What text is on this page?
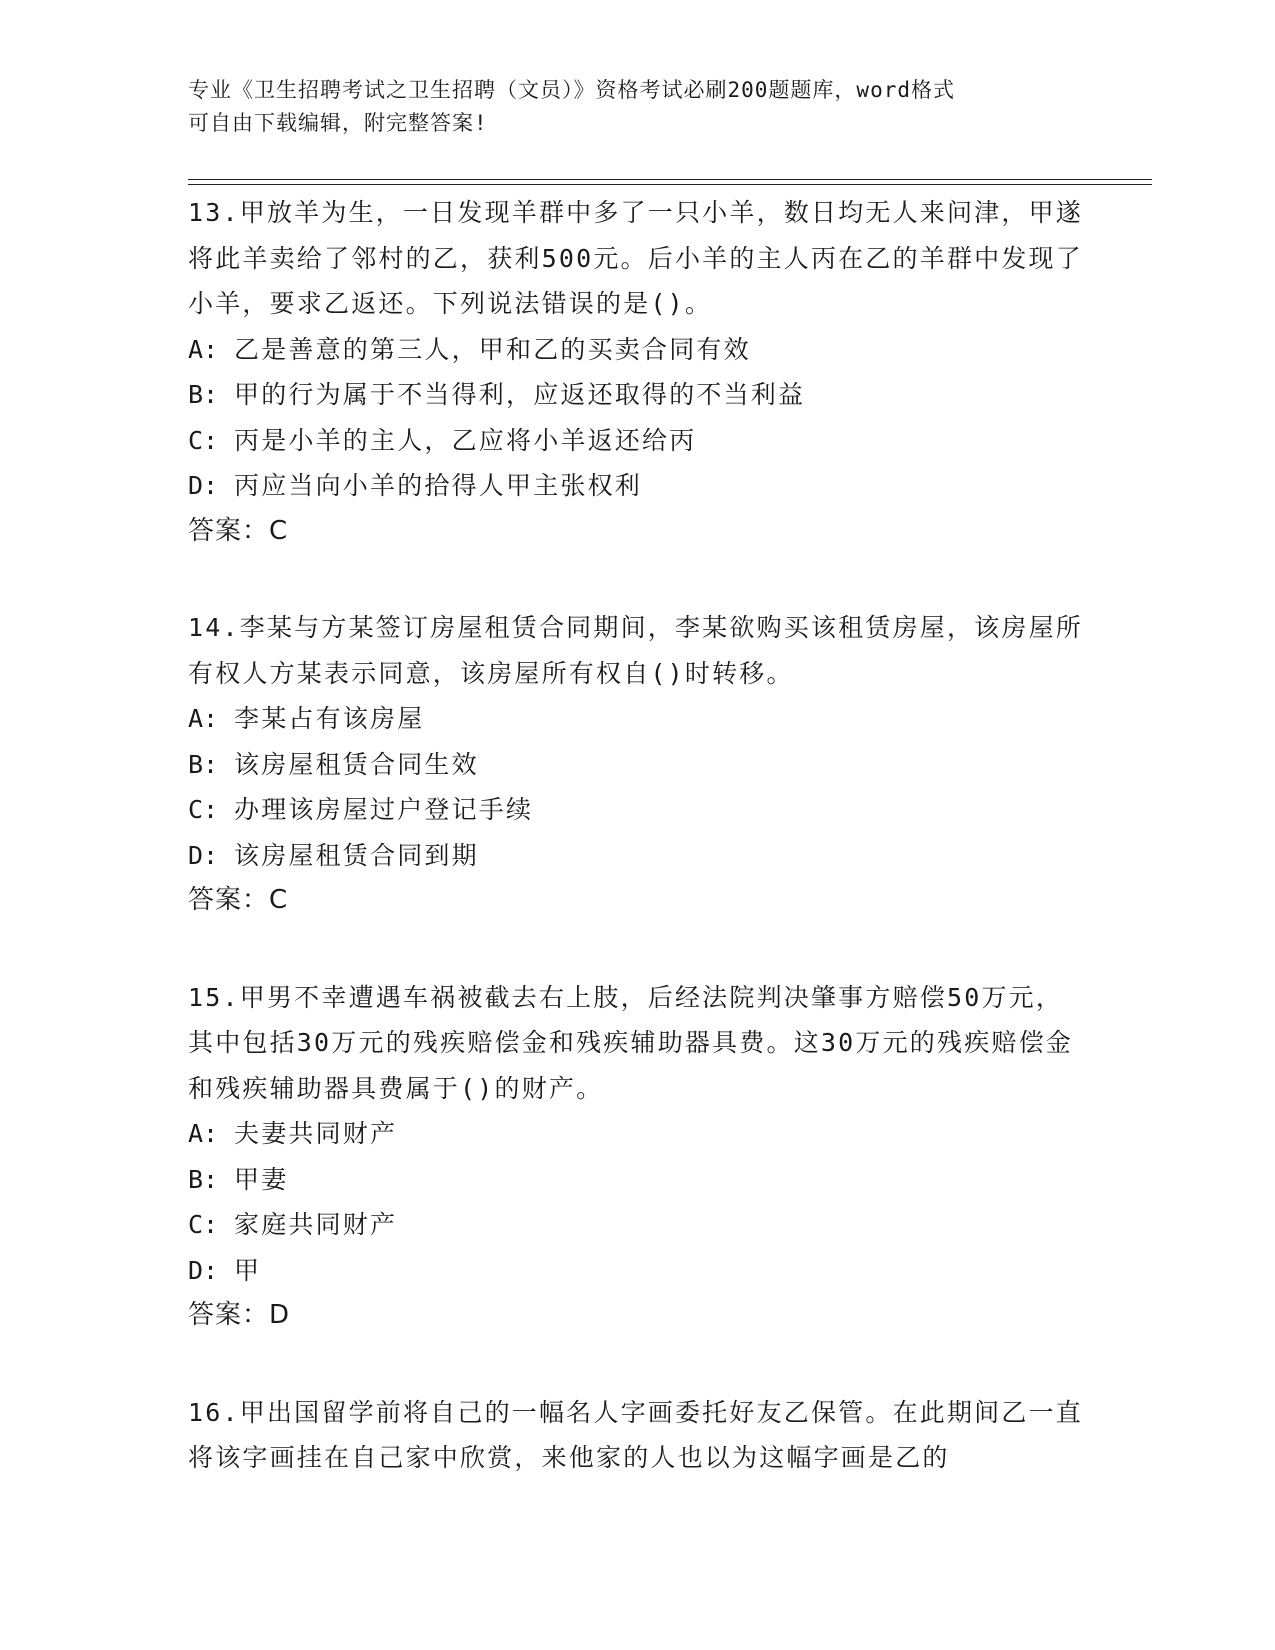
专业《卫生招聘考试之卫生招聘（文员）》资格考试必刷200题题库，word格式
可自由下载编辑，附完整答案!
13.甲放羊为生，一日发现羊群中多了一只小羊，数日均无人来问津，甲遂将此羊卖给了邻村的乙，获利500元。后小羊的主人丙在乙的羊群中发现了小羊，要求乙返还。下列说法错误的是()。
A: 乙是善意的第三人，甲和乙的买卖合同有效
B: 甲的行为属于不当得利，应返还取得的不当利益
C: 丙是小羊的主人，乙应将小羊返还给丙
D: 丙应当向小羊的拾得人甲主张权利
答案：C
14.李某与方某签订房屋租赁合同期间，李某欲购买该租赁房屋，该房屋所有权人方某表示同意，该房屋所有权自()时转移。
A: 李某占有该房屋
B: 该房屋租赁合同生效
C: 办理该房屋过户登记手续
D: 该房屋租赁合同到期
答案：C
15.甲男不幸遭遇车祸被截去右上肢，后经法院判决肇事方赔偿50万元，其中包括30万元的残疾赔偿金和残疾辅助器具费。这30万元的残疾赔偿金和残疾辅助器具费属于()的财产。
A: 夫妻共同财产
B: 甲妻
C: 家庭共同财产
D: 甲
答案：D
16.甲出国留学前将自己的一幅名人字画委托好友乙保管。在此期间乙一直将该字画挂在自己家中欣赏，来他家的人也以为这幅字画是乙的
